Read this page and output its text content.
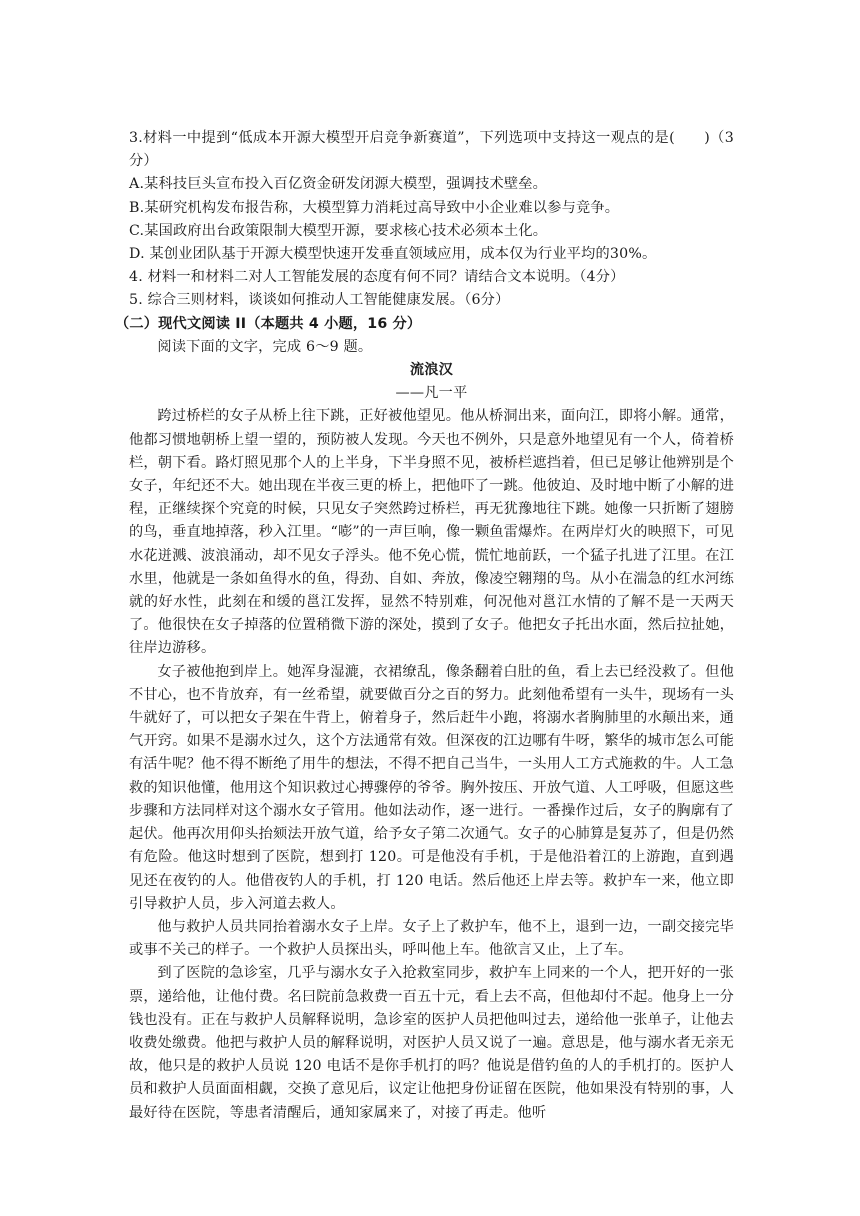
3.材料一中提到“低成本开源大模型开启竞争新赛道”，下列选项中支持这一观点的是(　　)（3分）

A.某科技巨头宣布投入百亿资金研发闭源大模型，强调技术壁垒。

B.某研究机构发布报告称，大模型算力消耗过高导致中小企业难以参与竞争。

C.某国政府出台政策限制大模型开源，要求核心技术必须本土化。

D. 某创业团队基于开源大模型快速开发垂直领域应用，成本仅为行业平均的30%。

4. 材料一和材料二对人工智能发展的态度有何不同？请结合文本说明。（4分）

5. 综合三则材料，谈谈如何推动人工智能健康发展。（6分）

（二）现代文阅读 II（本题共 4 小题，16 分）

阅读下面的文字，完成 6～9 题。

流浪汉

——凡一平

跨过桥栏的女子从桥上往下跳，正好被他望见。他从桥洞出来，面向江，即将小解。通常，他都习惯地朝桥上望一望的，预防被人发现。今天也不例外，只是意外地望见有一个人，倚着桥栏，朝下看。路灯照见那个人的上半身，下半身照不见，被桥栏遮挡着，但已足够让他辨别是个女子，年纪还不大。她出现在半夜三更的桥上，把他吓了一跳。他彼迫、及时地中断了小解的进程，正继续探个究竟的时候，只见女子突然跨过桥栏，再无犹豫地往下跳。她像一只折断了翅膀的鸟，垂直地掉落，秒入江里。“嘭”的一声巨响，像一颗鱼雷爆炸。在两岸灯火的映照下，可见水花迸溅、波浪涌动，却不见女子浮头。他不免心慌，慌忙地前跃，一个猛子扎进了江里。在江水里，他就是一条如鱼得水的鱼，得劲、自如、奔放，像凌空翱翔的鸟。从小在湍急的红水河练就的好水性，此刻在和缓的邕江发挥，显然不特别难，何况他对邕江水情的了解不是一天两天了。他很快在女子掉落的位置稍微下游的深处，摸到了女子。他把女子托出水面，然后拉扯她，往岸边游移。

女子被他抱到岸上。她浑身湿漉，衣裙缭乱，像条翻着白肚的鱼，看上去已经没救了。但他不甘心，也不肯放弃，有一丝希望，就要做百分之百的努力。此刻他希望有一头牛，现场有一头牛就好了，可以把女子架在牛背上，俯着身子，然后赶牛小跑，将溺水者胸肺里的水颠出来，通气开窍。如果不是溺水过久，这个方法通常有效。但深夜的江边哪有牛呀，繁华的城市怎么可能有活牛呢？他不得不断绝了用牛的想法，不得不把自己当牛，一头用人工方式施救的牛。人工急救的知识他懂，他用这个知识救过心搏骤停的爷爷。胸外按压、开放气道、人工呼吸，但愿这些步骤和方法同样对这个溺水女子管用。他如法动作，逐一进行。一番操作过后，女子的胸廓有了起伏。他再次用仰头抬颏法开放气道，给予女子第二次通气。女子的心肺算是复苏了，但是仍然有危险。他这时想到了医院，想到打 120。可是他没有手机，于是他沿着江的上游跑，直到遇见还在夜钓的人。他借夜钓人的手机，打 120 电话。然后他还上岸去等。救护车一来，他立即引导救护人员，步入河道去救人。

他与救护人员共同抬着溺水女子上岸。女子上了救护车，他不上，退到一边，一副交接完毕或事不关己的样子。一个救护人员探出头，呼叫他上车。他欲言又止，上了车。

到了医院的急诊室，几乎与溺水女子入抢救室同步，救护车上同来的一个人，把开好的一张票，递给他，让他付费。名曰院前急救费一百五十元，看上去不高，但他却付不起。他身上一分钱也没有。正在与救护人员解释说明，急诊室的医护人员把他叫过去，递给他一张单子，让他去收费处缴费。他把与救护人员的解释说明，对医护人员又说了一遍。意思是，他与溺水者无亲无故，他只是的救护人员说 120 电话不是你手机打的吗？他说是借钓鱼的人的手机打的。医护人员和救护人员面面相觑，交换了意见后，议定让他把身份证留在医院，他如果没有特别的事，人最好待在医院，等患者清醒后，通知家属来了，对接了再走。他听
